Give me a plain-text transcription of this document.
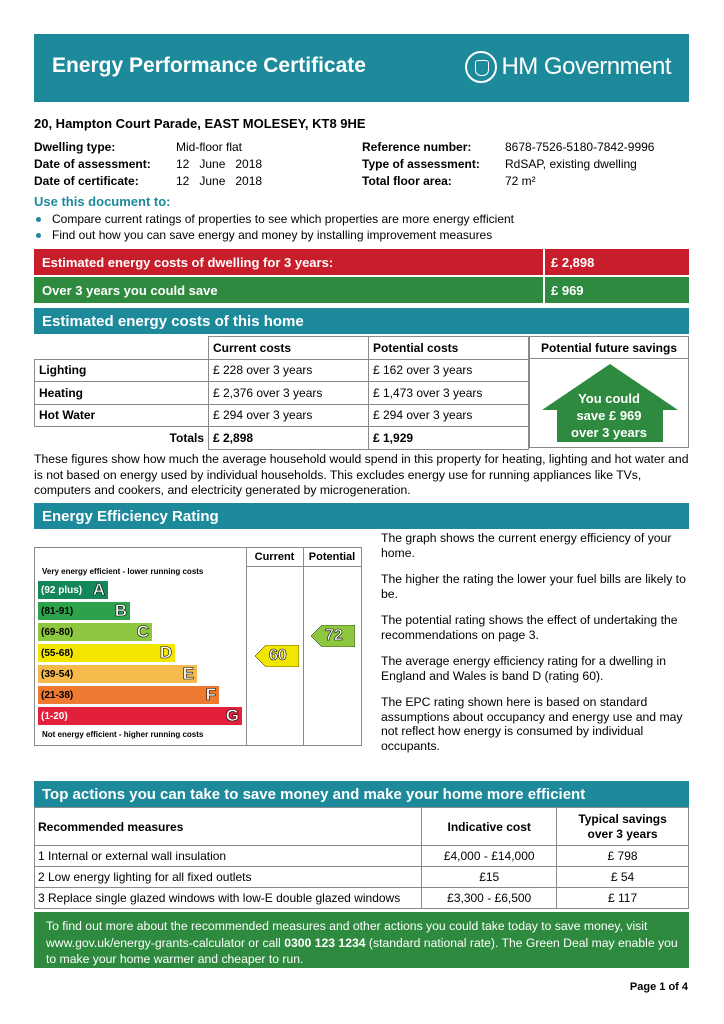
Energy Performance Certificate	HM Government
20, Hampton Court Parade, EAST MOLESEY, KT8 9HE
Dwelling type:	Mid-floor flat	Reference number:	8678-7526-5180-7842-9996
Date of assessment:	12   June   2018	Type of assessment:	RdSAP, existing dwelling
Date of certificate:	12   June   2018	Total floor area:	72 m²
Use this document to:
Compare current ratings of properties to see which properties are more energy efficient
Find out how you can save energy and money by installing improvement measures
Estimated energy costs of dwelling for 3 years:	£ 2,898
Over 3 years you could save	£ 969
Estimated energy costs of this home
	Current costs	Potential costs
Lighting	£ 228 over 3 years	£ 162 over 3 years
Heating	£ 2,376 over 3 years	£ 1,473 over 3 years
Hot Water	£ 294 over 3 years	£ 294 over 3 years
Totals	£ 2,898	£ 1,929
Potential future savings
You could
save £ 969
over 3 years
These figures show how much the average household would spend in this property for heating, lighting and hot water and is not based on energy used by individual households. This excludes energy use for running appliances like TVs, computers and cookers, and electricity generated by microgeneration.
Energy Efficiency Rating
Current	Potential
Very energy efficient - lower running costs
(92 plus) A
(81-91) B
(69-80)	C
(55-68)	D
(39-54)	E
(21-38)	F
(1-20)	G
Not energy efficient - higher running costs
60
72

The graph shows the current energy efficiency of your home.

The higher the rating the lower your fuel bills are likely to be.

The potential rating shows the effect of undertaking the recommendations on page 3.

The average energy efficiency rating for a dwelling in England and Wales is band D (rating 60).

The EPC rating shown here is based on standard assumptions about occupancy and energy use and may not reflect how energy is consumed by individual occupants.

Top actions you can take to save money and make your home more efficient
Recommended measures	Indicative cost	Typical savings over 3 years
1 Internal or external wall insulation	£4,000 - £14,000	£ 798
2 Low energy lighting for all fixed outlets	£15	£ 54
3 Replace single glazed windows with low-E double glazed windows	£3,300 - £6,500	£ 117
To find out more about the recommended measures and other actions you could take today to save money, visit www.gov.uk/energy-grants-calculator or call 0300 123 1234 (standard national rate). The Green Deal may enable you to make your home warmer and cheaper to run.
Page 1 of 4
